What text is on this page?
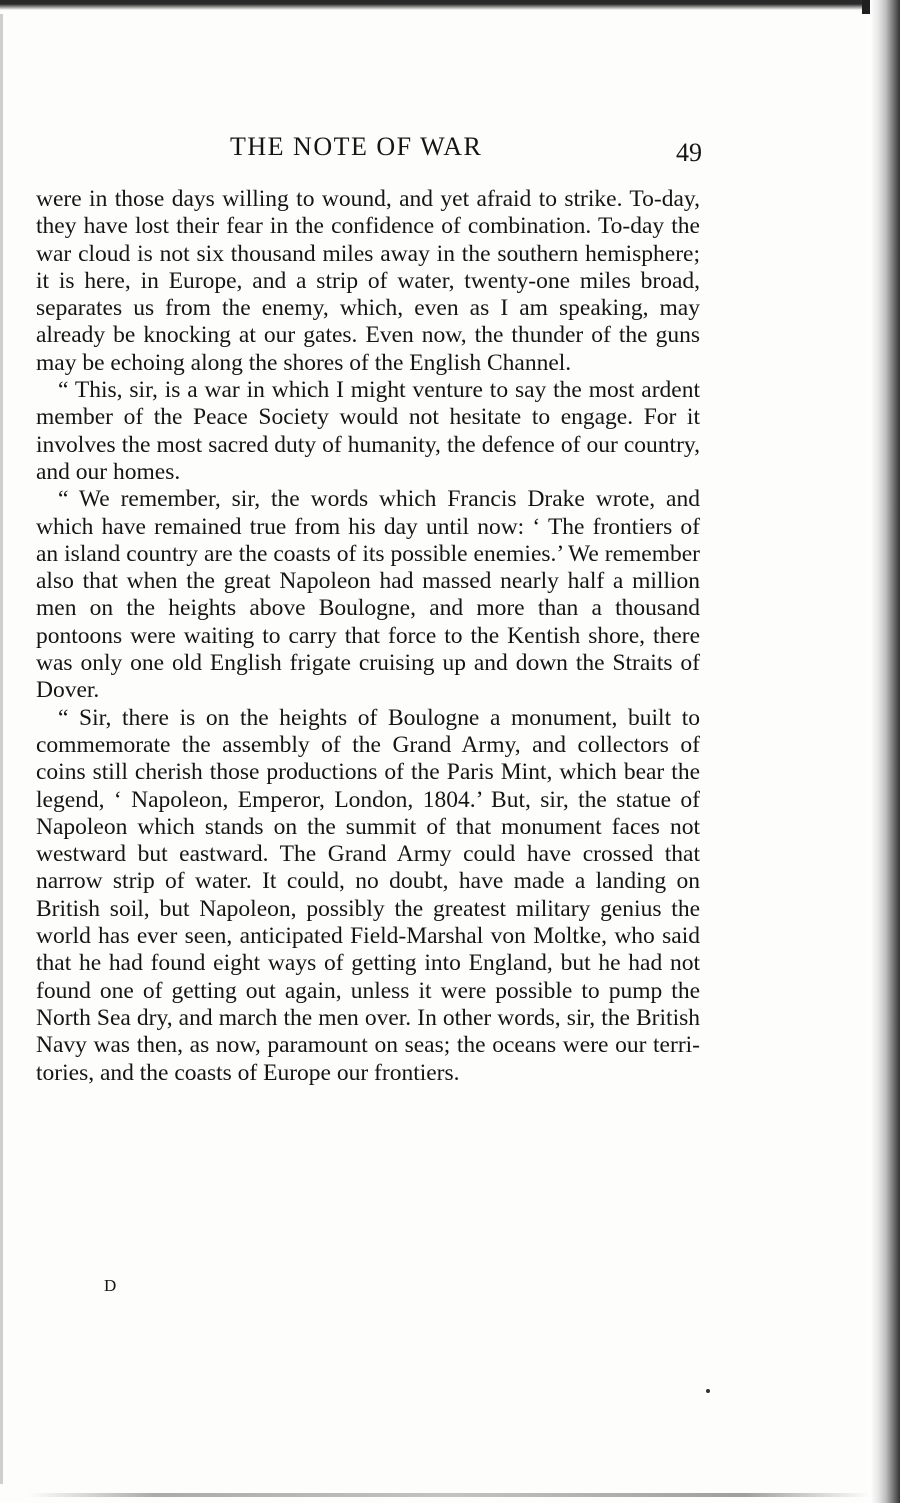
THE NOTE OF WAR	49

were in those days willing to wound, and yet afraid to strike. To-day, they have lost their fear in the confidence of combination. To-day the war cloud is not six thousand miles away in the southern hemisphere; it is here, in Europe, and a strip of water, twenty-one miles broad, separates us from the enemy, which, even as I am speaking, may already be knocking at our gates. Even now, the thunder of the guns may be echoing along the shores of the English Channel.

“ This, sir, is a war in which I might venture to say the most ardent member of the Peace Society would not hesitate to engage. For it involves the most sacred duty of humanity, the defence of our country, and our homes.

“ We remember, sir, the words which Francis Drake wrote, and which have remained true from his day until now: ‘ The frontiers of an island country are the coasts of its possible enemies.’ We remember also that when the great Napoleon had massed nearly half a million men on the heights above Boulogne, and more than a thousand pontoons were waiting to carry that force to the Kentish shore, there was only one old English frigate cruising up and down the Straits of Dover.

“ Sir, there is on the heights of Boulogne a monument, built to commemorate the assembly of the Grand Army, and collectors of coins still cherish those productions of the Paris Mint, which bear the legend, ‘ Napoleon, Emperor, London, 1804.’ But, sir, the statue of Napoleon which stands on the summit of that monument faces not westward but eastward. The Grand Army could have crossed that narrow strip of water. It could, no doubt, have made a landing on British soil, but Napoleon, possibly the greatest military genius the world has ever seen, anticipated Field-Marshal von Moltke, who said that he had found eight ways of getting into England, but he had not found one of getting out again, unless it were possible to pump the North Sea dry, and march the men over. In other words, sir, the British Navy was then, as now, paramount on seas; the oceans were our territories, and the coasts of Europe our frontiers.

D
